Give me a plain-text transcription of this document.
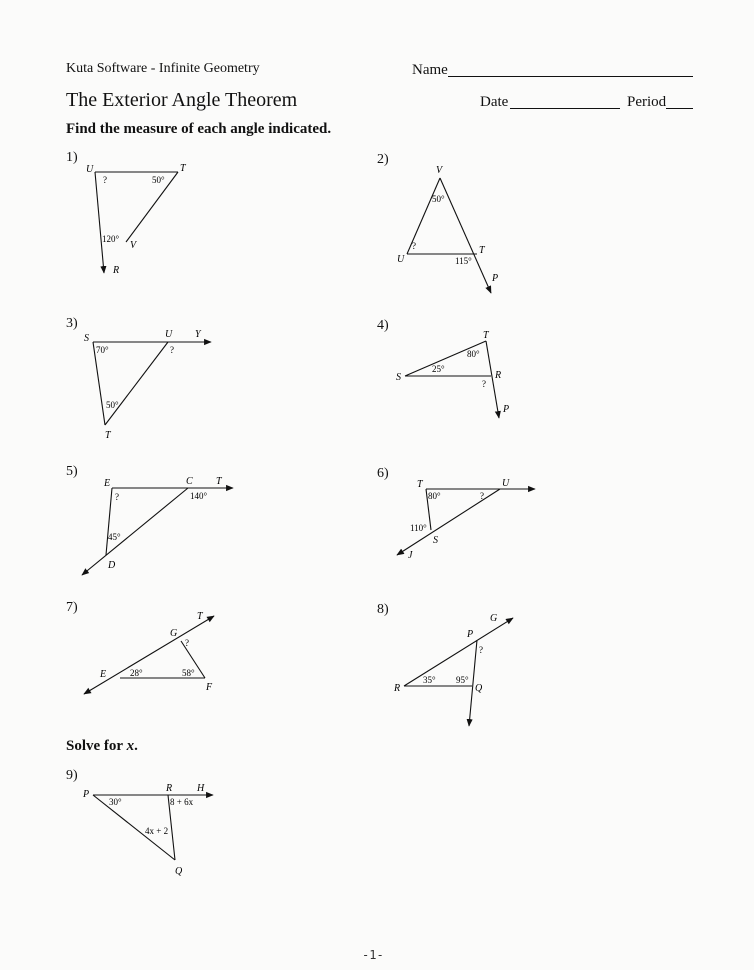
Kuta Software - Infinite Geometry
The Exterior Angle Theorem
Name
Date	Period
Find the measure of each angle indicated.
Solve for x.
1)	2)
3)	4)
5)	6)
7)	8)
9)
U	T
V
R
?	50°
120°
V
U
T
P
50°
?
115°
S	U Y
T
70°	?
50°
T
S	R
P
80°
25°
?
E	C T
D
?	140°
45°
T	U
S
J
80°	?
110°
T
G
E
F
?
28°	58°
G
P
R	Q
?
35° 95°
P
R H
Q
30°	8 + 6x
4x + 2
-1-
